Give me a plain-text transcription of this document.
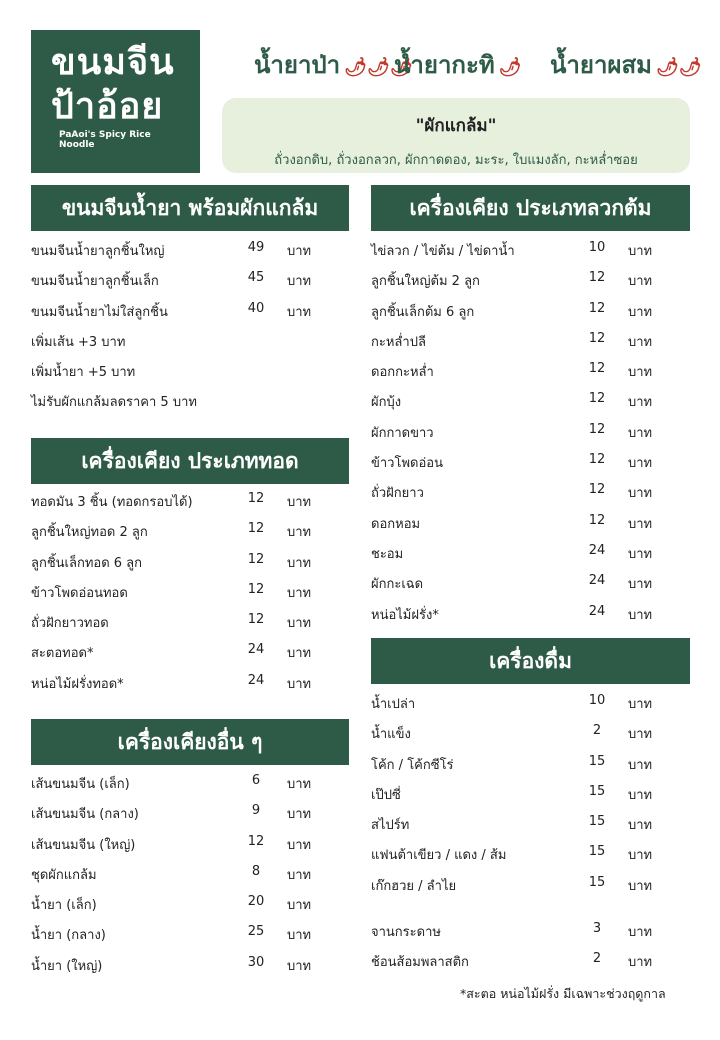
ขนมจีน
ป้าอ้อย
PaAoi's Spicy Rice Noodle
น้ำยาป่า 🌶🌶🌶
น้ำยากะทิ 🌶 น้ำยาผสม 🌶🌶
"ผักแกล้ม"
ถั่วงอกดิบ, ถั่วงอกลวก, ผักกาดดอง, มะระ, ใบแมงลัก, กะหล่ำซอย
ขนมจีนน้ำยา พร้อมผักแกล้ม
ขนมจีนน้ำยาลูกชิ้นใหญ่	49	บาท
ขนมจีนน้ำยาลูกชิ้นเล็ก	45	บาท
ขนมจีนน้ำยาไม่ใส่ลูกชิ้น	40	บาท
เพิ่มเส้น +3 บาท
เพิ่มน้ำยา +5 บาท
ไม่รับผักแกล้มลดราคา 5 บาท
เครื่องเคียง ประเภททอด
ทอดมัน 3 ชิ้น (ทอดกรอบได้)	12	บาท
ลูกชิ้นใหญ่ทอด 2 ลูก	12	บาท
ลูกชิ้นเล็กทอด 6 ลูก	12	บาท
ข้าวโพดอ่อนทอด	12	บาท
ถั่วฝักยาวทอด	12	บาท
สะตอทอด*	24	บาท
หน่อไม้ฝรั่งทอด*	24	บาท
เครื่องเคียงอื่น ๆ
เส้นขนมจีน (เล็ก)	6	บาท
เส้นขนมจีน (กลาง)	9	บาท
เส้นขนมจีน (ใหญ่)	12	บาท
ชุดผักแกล้ม	8	บาท
น้ำยา (เล็ก)	20	บาท
น้ำยา (กลาง)	25	บาท
น้ำยา (ใหญ่)	30	บาท
เครื่องเคียง ประเภทลวกต้ม
ไข่ลวก / ไข่ต้ม / ไข่ดาน้ำ	10	บาท
ลูกชิ้นใหญ่ต้ม 2 ลูก	12	บาท
ลูกชิ้นเล็กต้ม 6 ลูก	12	บาท
กะหล่ำปลี	12	บาท
ดอกกะหล่ำ	12	บาท
ผักบุ้ง	12	บาท
ผักกาดขาว	12	บาท
ข้าวโพดอ่อน	12	บาท
ถั่วฝักยาว	12	บาท
ดอกหอม	12	บาท
ชะอม	24	บาท
ผักกะเฉด	24	บาท
หน่อไม้ฝรั่ง*	24	บาท
เครื่องดื่ม
น้ำเปล่า	10	บาท
น้ำแข็ง	2	บาท
โค้ก / โค้กซีโร่	15	บาท
เป๊ปซี่	15	บาท
สไปร์ท	15	บาท
แฟนต้าเขียว / แดง / ส้ม	15	บาท
เก๊กฮวย / ลำไย	15	บาท
จานกระดาษ	3	บาท
ช้อนส้อมพลาสติก	2	บาท
*สะตอ หน่อไม้ฝรั่ง มีเฉพาะช่วงฤดูกาล
